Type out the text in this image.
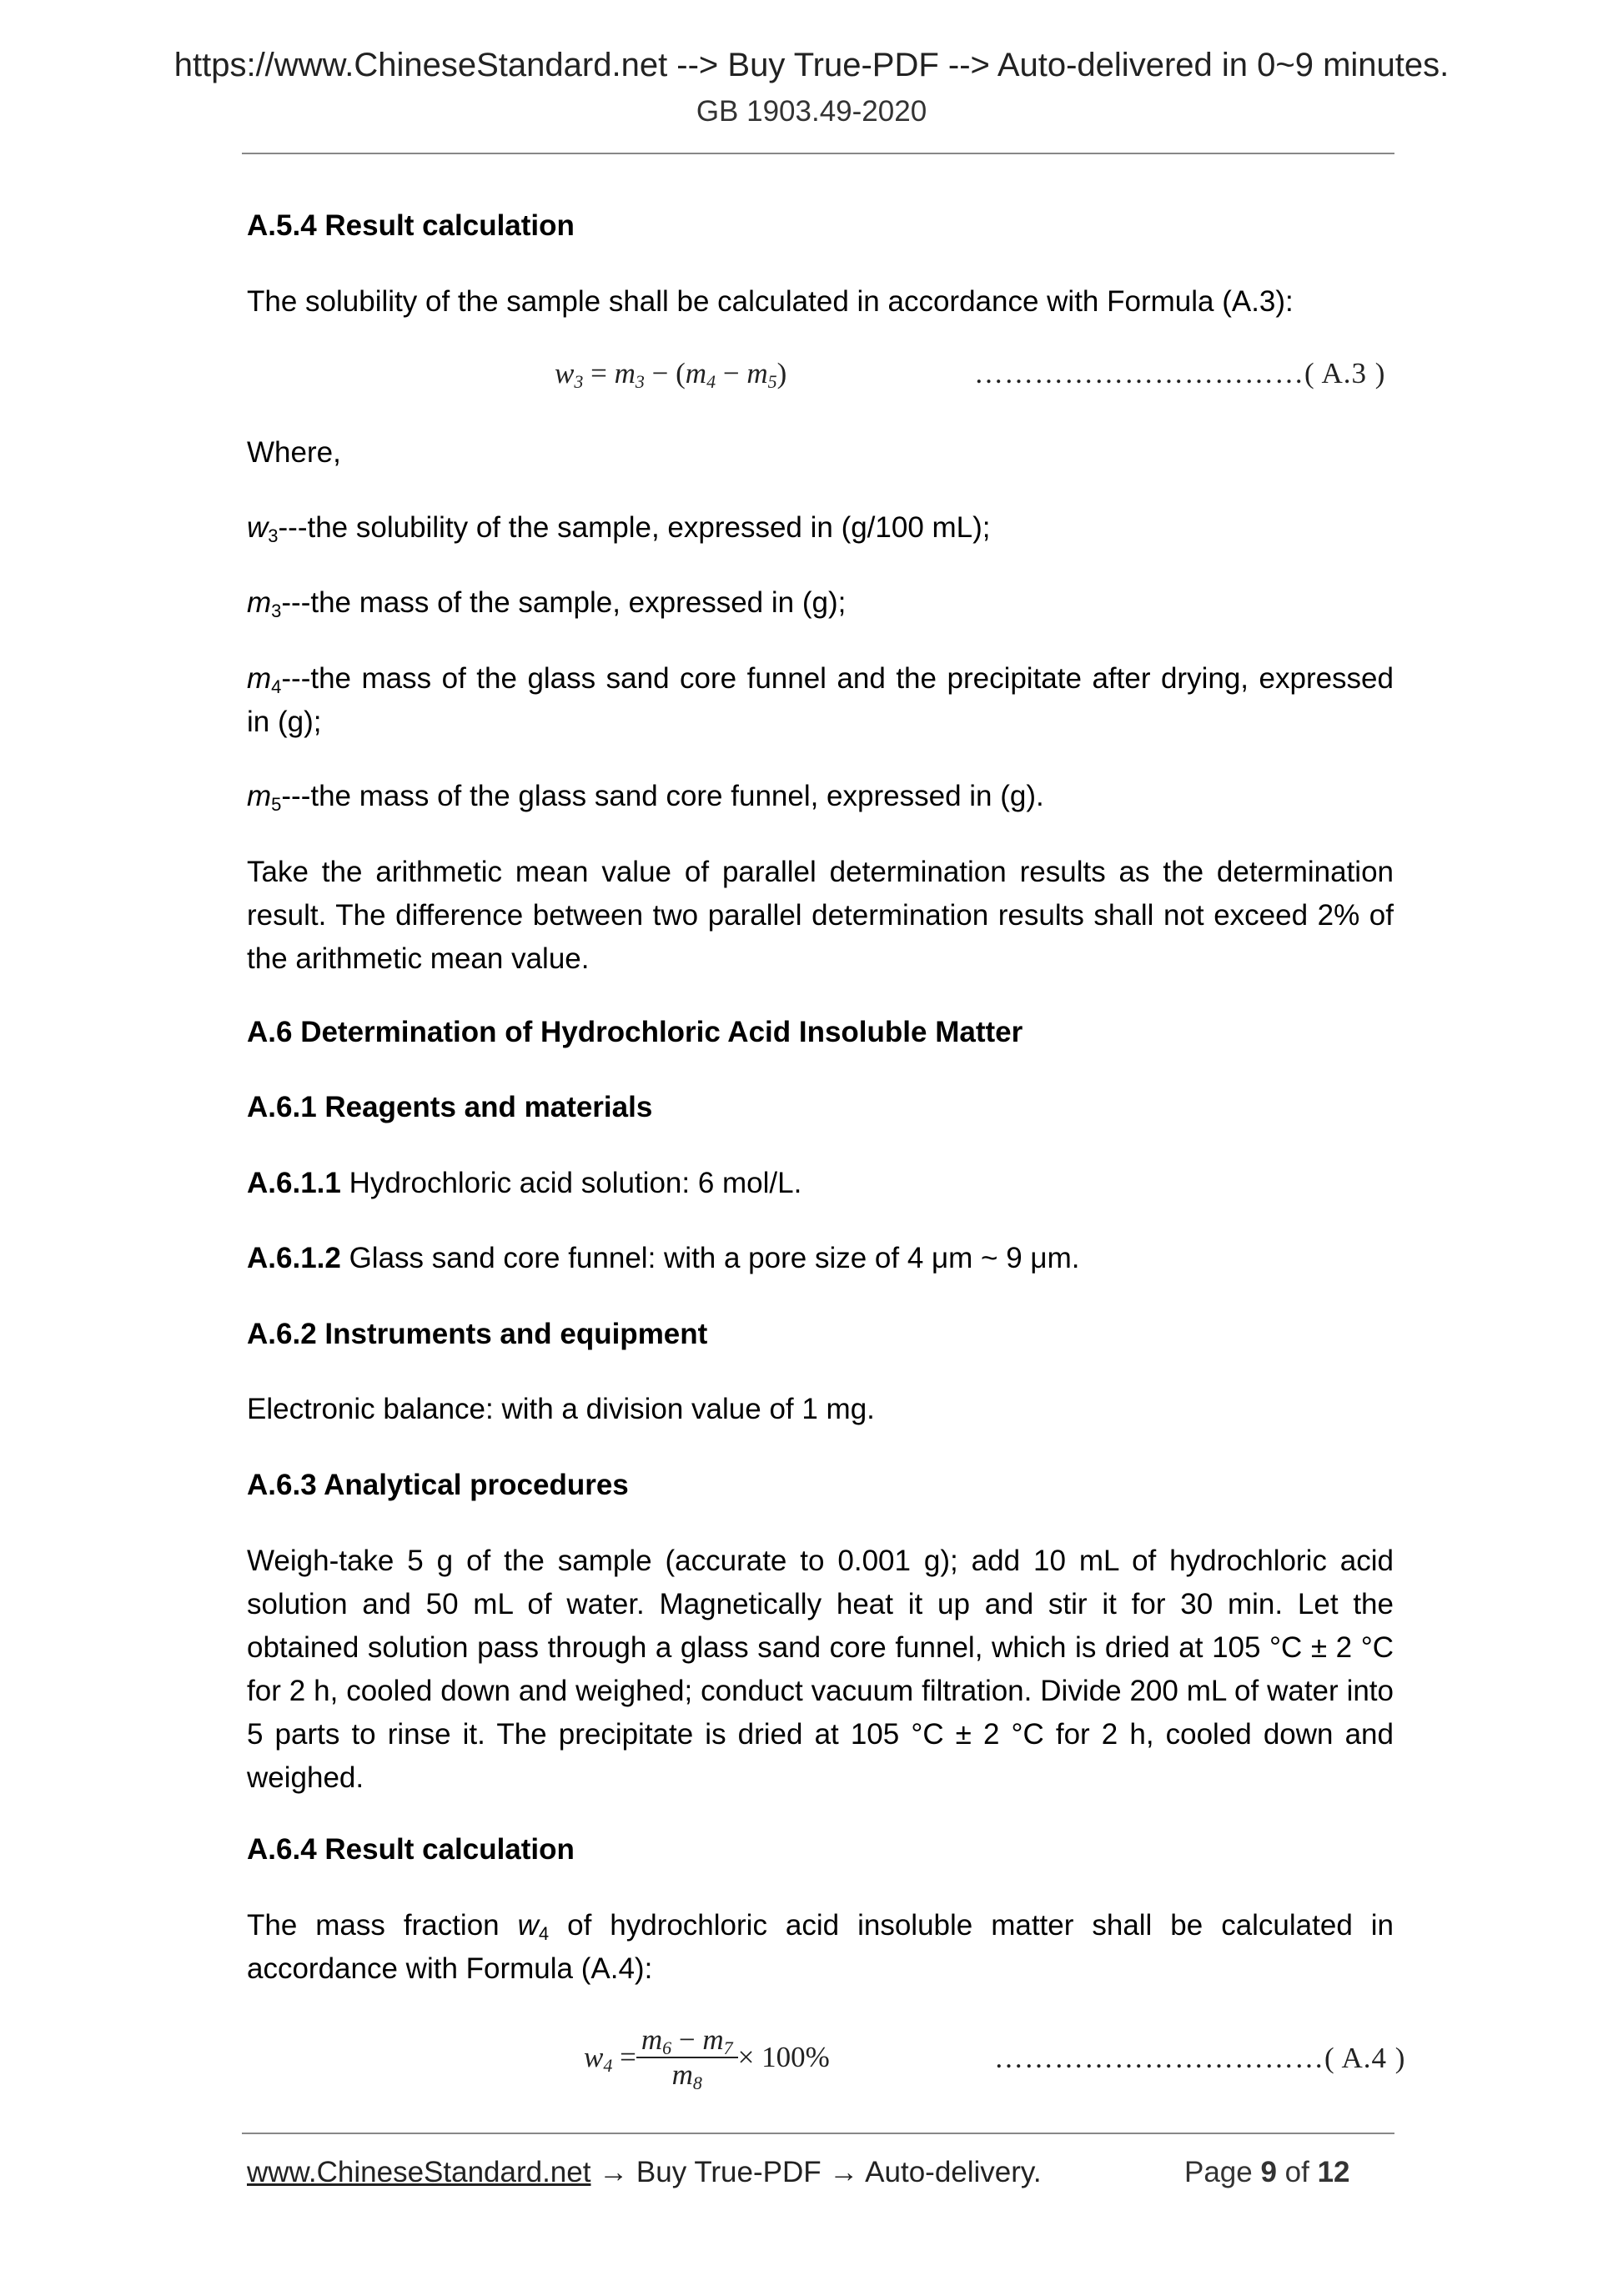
https://www.ChineseStandard.net --> Buy True-PDF --> Auto-delivered in 0~9 minutes.
GB 1903.49-2020
A.5.4 Result calculation
The solubility of the sample shall be calculated in accordance with Formula (A.3):
$w_3 = m_3 - (m_4 - m_5)$	……………………………( A.3 )
Where,
$w_3--$-the solubility of the sample, expressed in (g/100 mL);
$m_3--$-the mass of the sample, expressed in (g);
$m_4--$-the mass of the glass sand core funnel and the precipitate after drying, expressed in (g);
$m_5--$-the mass of the glass sand core funnel, expressed in (g).
Take the arithmetic mean value of parallel determination results as the determination result. The difference between two parallel determination results shall not exceed 2% of the arithmetic mean value.
A.6 Determination of Hydrochloric Acid Insoluble Matter
A.6.1 Reagents and materials
A.6.1.1 Hydrochloric acid solution: 6 mol/L.
A.6.1.2 Glass sand core funnel: with a pore size of 4 μm ~ 9 μm.
A.6.2 Instruments and equipment
Electronic balance: with a division value of 1 mg.
A.6.3 Analytical procedures
Weigh-take 5 g of the sample (accurate to 0.001 g); add 10 mL of hydrochloric acid solution and 50 mL of water. Magnetically heat it up and stir it for 30 min. Let the obtained solution pass through a glass sand core funnel, which is dried at 105 °C ± 2 °C for 2 h, cooled down and weighed; conduct vacuum filtration. Divide 200 mL of water into 5 parts to rinse it. The precipitate is dried at 105 °C ± 2 °C for 2 h, cooled down and weighed.
A.6.4 Result calculation
The mass fraction $w_4$ of hydrochloric acid insoluble matter shall be calculated in accordance with Formula (A.4):
$w_4 = \frac{m_6 - m_7}{m_8} \times 100\%$	……………………………( A.4 )
www.ChineseStandard.net → Buy True-PDF → Auto-delivery.	Page 9 of 12
